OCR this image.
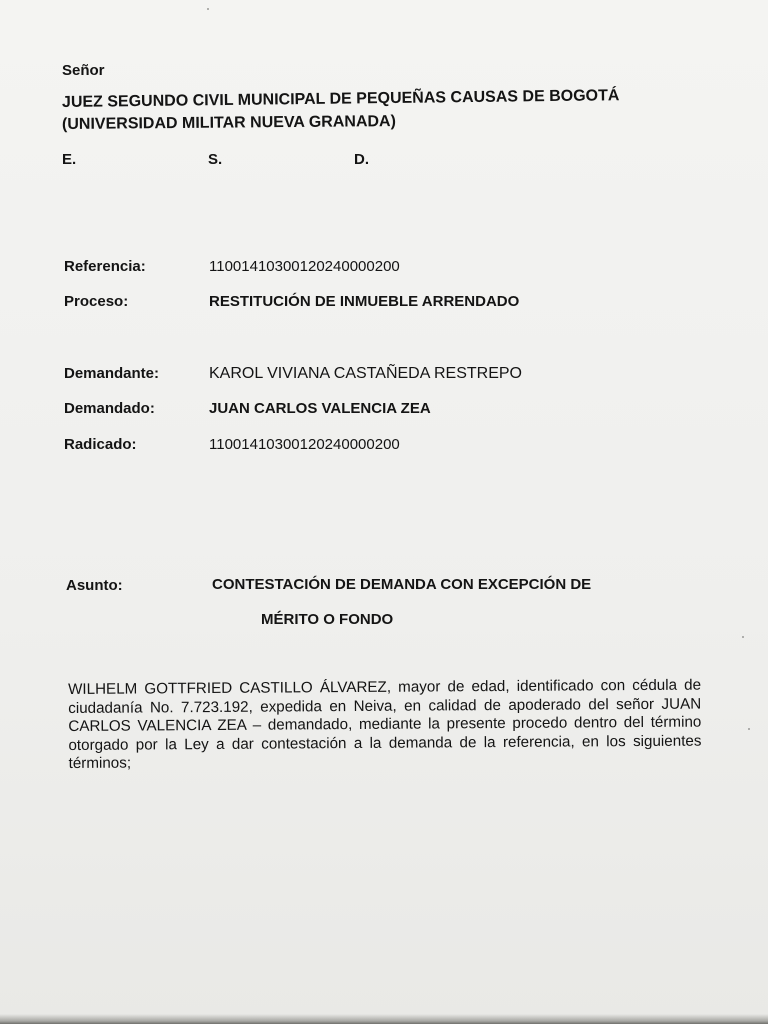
Señor
JUEZ SEGUNDO CIVIL MUNICIPAL DE PEQUEÑAS CAUSAS DE BOGOTÁ
(UNIVERSIDAD MILITAR NUEVA GRANADA)
E.	S.	D.
Referencia:	11001410300120240000200
Proceso:	RESTITUCIÓN DE INMUEBLE ARRENDADO
Demandante:	KAROL VIVIANA CASTAÑEDA RESTREPO
Demandado:	JUAN CARLOS VALENCIA ZEA
Radicado:	11001410300120240000200
Asunto:	CONTESTACIÓN DE DEMANDA CON EXCEPCIÓN DE
MÉRITO O FONDO
WILHELM GOTTFRIED CASTILLO ÁLVAREZ, mayor de edad, identificado con cédula de ciudadanía No. 7.723.192, expedida en Neiva, en calidad de apoderado del señor JUAN CARLOS VALENCIA ZEA – demandado, mediante la presente procedo dentro del término otorgado por la Ley a dar contestación a la demanda de la referencia, en los siguientes términos;
